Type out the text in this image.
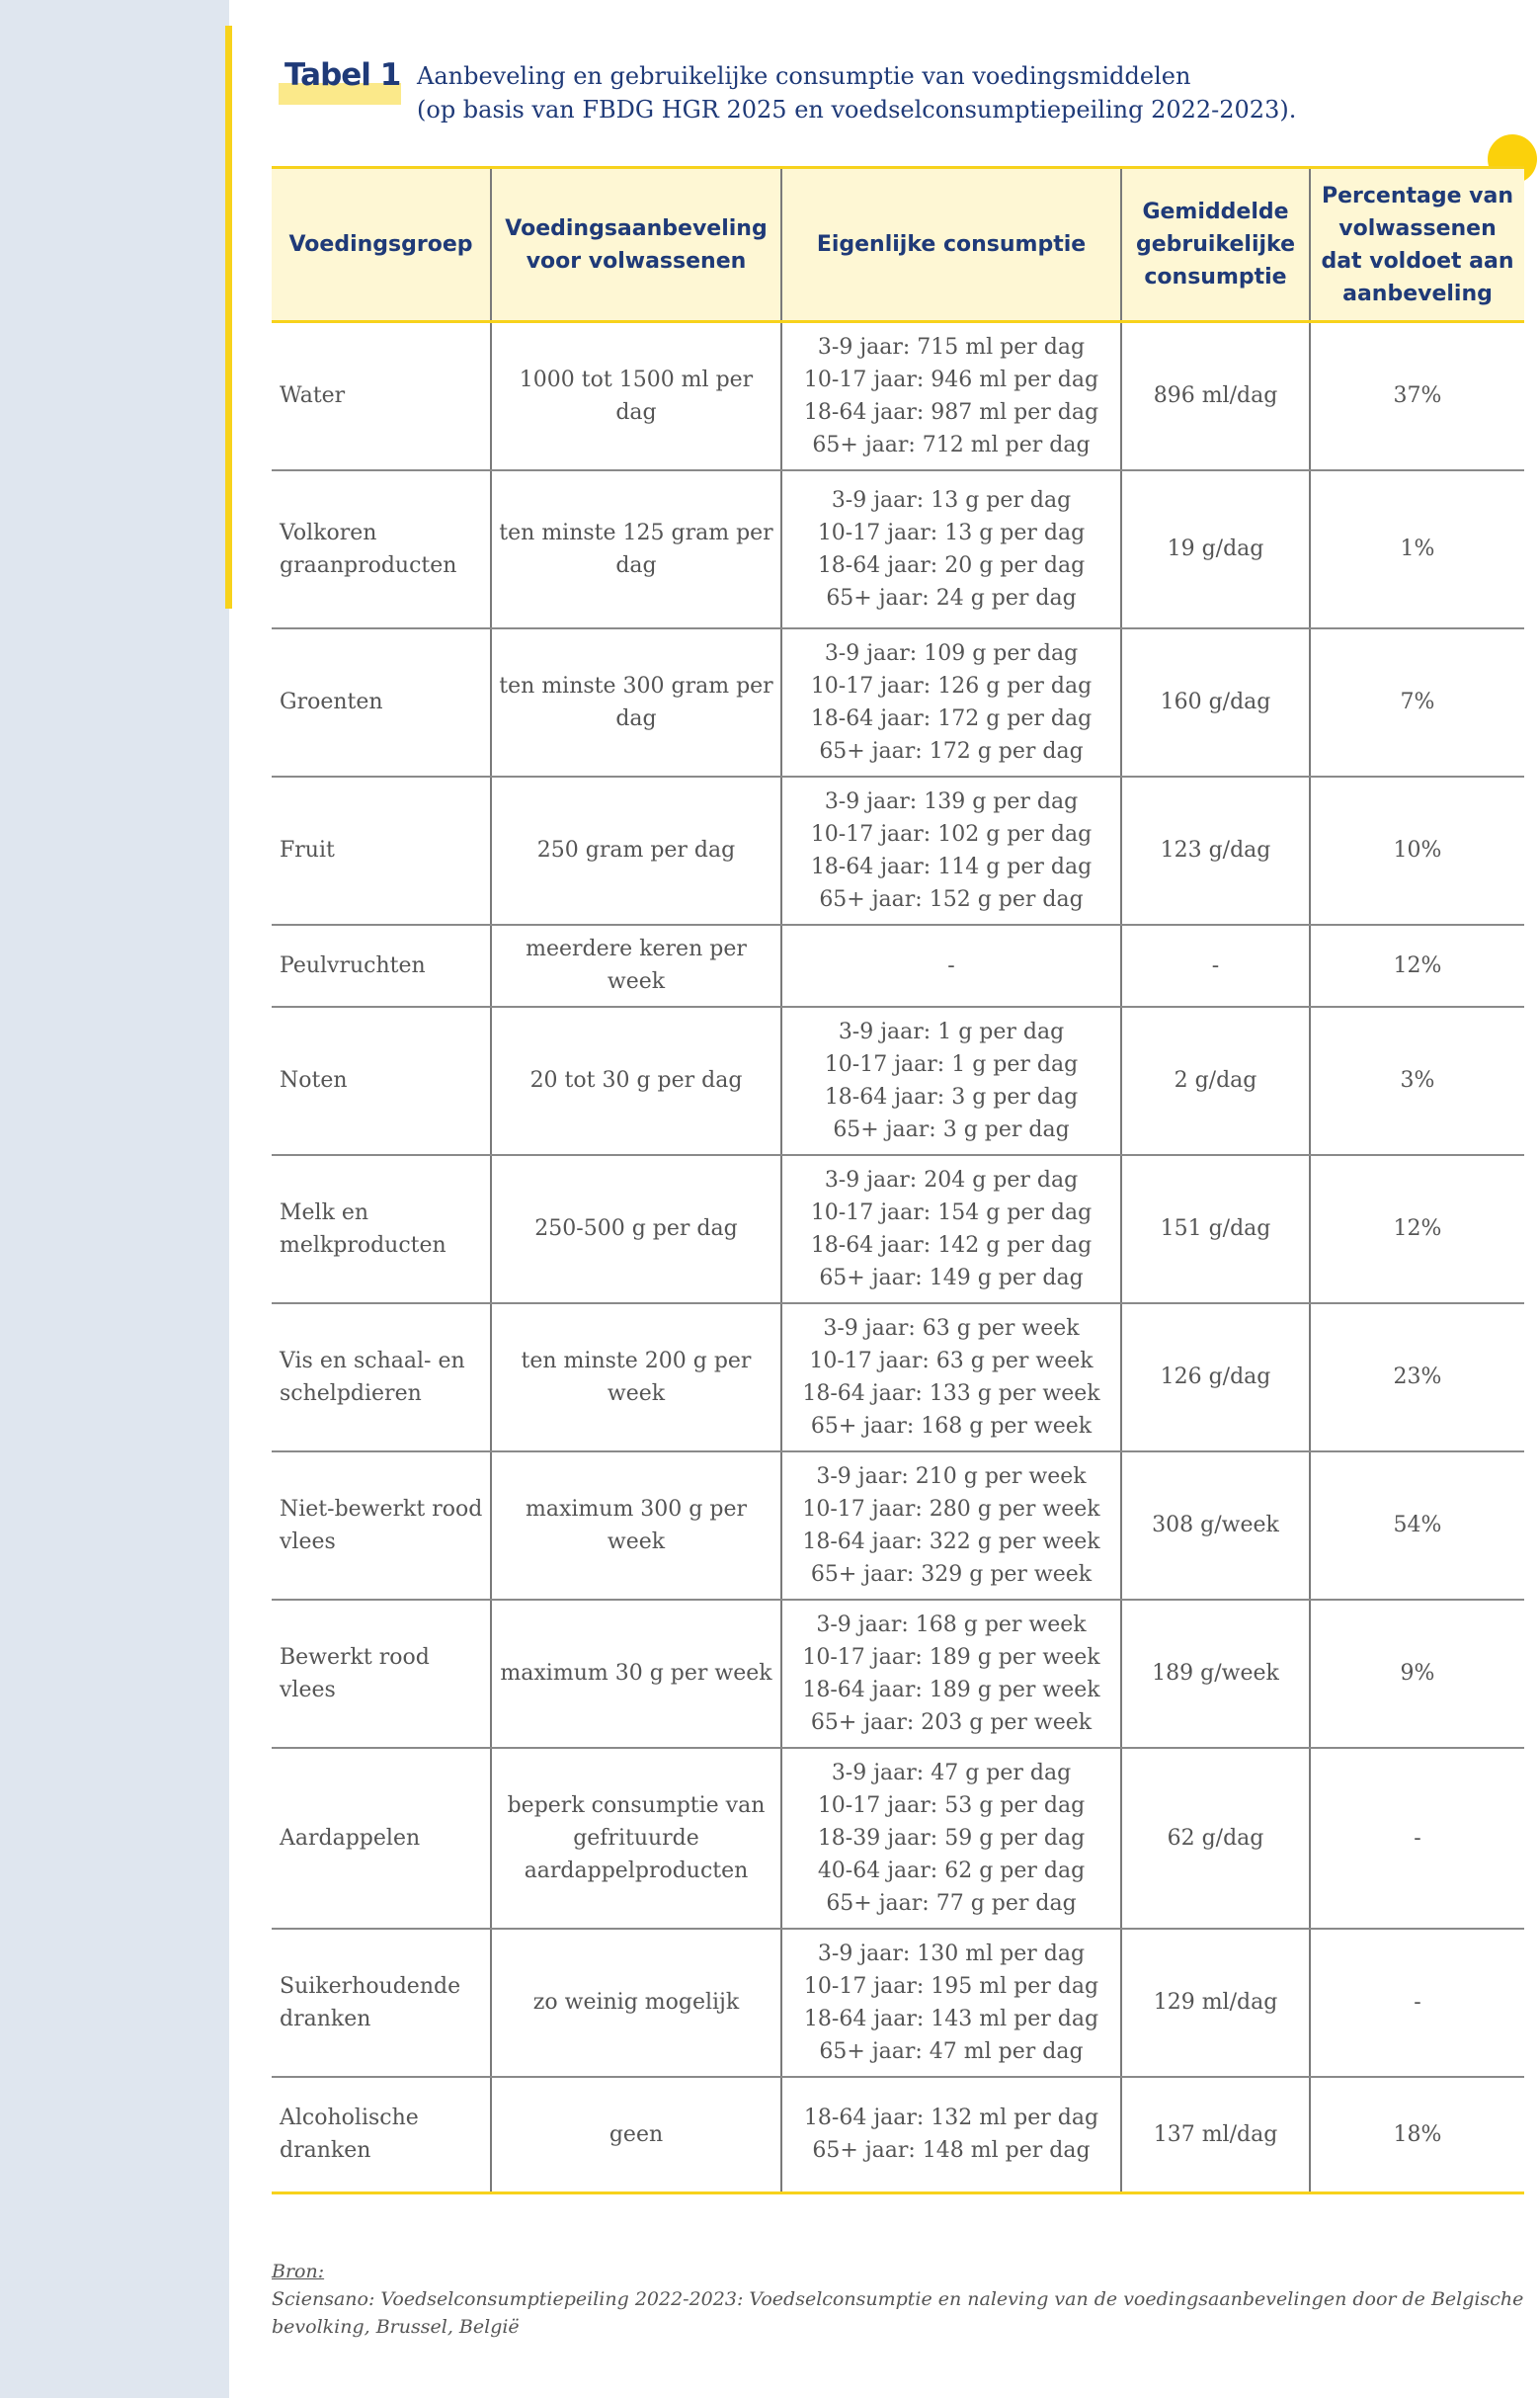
Tabel 1 Aanbeveling en gebruikelijke consumptie van voedingsmiddelen
(op basis van FBDG HGR 2025 en voedselconsumptiepeiling 2022-2023).
Voedingsgroep	Voedingsaanbeveling voor volwassenen	Eigenlijke consumptie	Gemiddelde gebruikelijke consumptie	Percentage van volwassenen dat voldoet aan aanbeveling
Water	1000 tot 1500 ml per dag	3-9 jaar: 715 ml per dag
10-17 jaar: 946 ml per dag
18-64 jaar: 987 ml per dag
65+ jaar: 712 ml per dag	896 ml/dag	37%
Volkoren graanproducten	ten minste 125 gram per dag	3-9 jaar: 13 g per dag
10-17 jaar: 13 g per dag
18-64 jaar: 20 g per dag
65+ jaar: 24 g per dag	19 g/dag	1%
Groenten	ten minste 300 gram per dag	3-9 jaar: 109 g per dag
10-17 jaar: 126 g per dag
18-64 jaar: 172 g per dag
65+ jaar: 172 g per dag	160 g/dag	7%
Fruit	250 gram per dag	3-9 jaar: 139 g per dag
10-17 jaar: 102 g per dag
18-64 jaar: 114 g per dag
65+ jaar: 152 g per dag	123 g/dag	10%
Peulvruchten	meerdere keren per week	-	-	12%
Noten	20 tot 30 g per dag	3-9 jaar: 1 g per dag
10-17 jaar: 1 g per dag
18-64 jaar: 3 g per dag
65+ jaar: 3 g per dag	2 g/dag	3%
Melk en melkproducten	250-500 g per dag	3-9 jaar: 204 g per dag
10-17 jaar: 154 g per dag
18-64 jaar: 142 g per dag
65+ jaar: 149 g per dag	151 g/dag	12%
Vis en schaal- en schelpdieren	ten minste 200 g per week	3-9 jaar: 63 g per week
10-17 jaar: 63 g per week
18-64 jaar: 133 g per week
65+ jaar: 168 g per week	126 g/dag	23%
Niet-bewerkt rood vlees	maximum 300 g per week	3-9 jaar: 210 g per week
10-17 jaar: 280 g per week
18-64 jaar: 322 g per week
65+ jaar: 329 g per week	308 g/week	54%
Bewerkt rood vlees	maximum 30 g per week	3-9 jaar: 168 g per week
10-17 jaar: 189 g per week
18-64 jaar: 189 g per week
65+ jaar: 203 g per week	189 g/week	9%
Aardappelen	beperk consumptie van gefrituurde aardappelproducten	3-9 jaar: 47 g per dag
10-17 jaar: 53 g per dag
18-39 jaar: 59 g per dag
40-64 jaar: 62 g per dag
65+ jaar: 77 g per dag	62 g/dag	-
Suikerhoudende dranken	zo weinig mogelijk	3-9 jaar: 130 ml per dag
10-17 jaar: 195 ml per dag
18-64 jaar: 143 ml per dag
65+ jaar: 47 ml per dag	129 ml/dag	-
Alcoholische dranken	geen	18-64 jaar: 132 ml per dag
65+ jaar: 148 ml per dag	137 ml/dag	18%
Bron:
Sciensano: Voedselconsumptiepeiling 2022-2023: Voedselconsumptie en naleving van de voedingsaanbevelingen door de Belgische bevolking, Brussel, België
